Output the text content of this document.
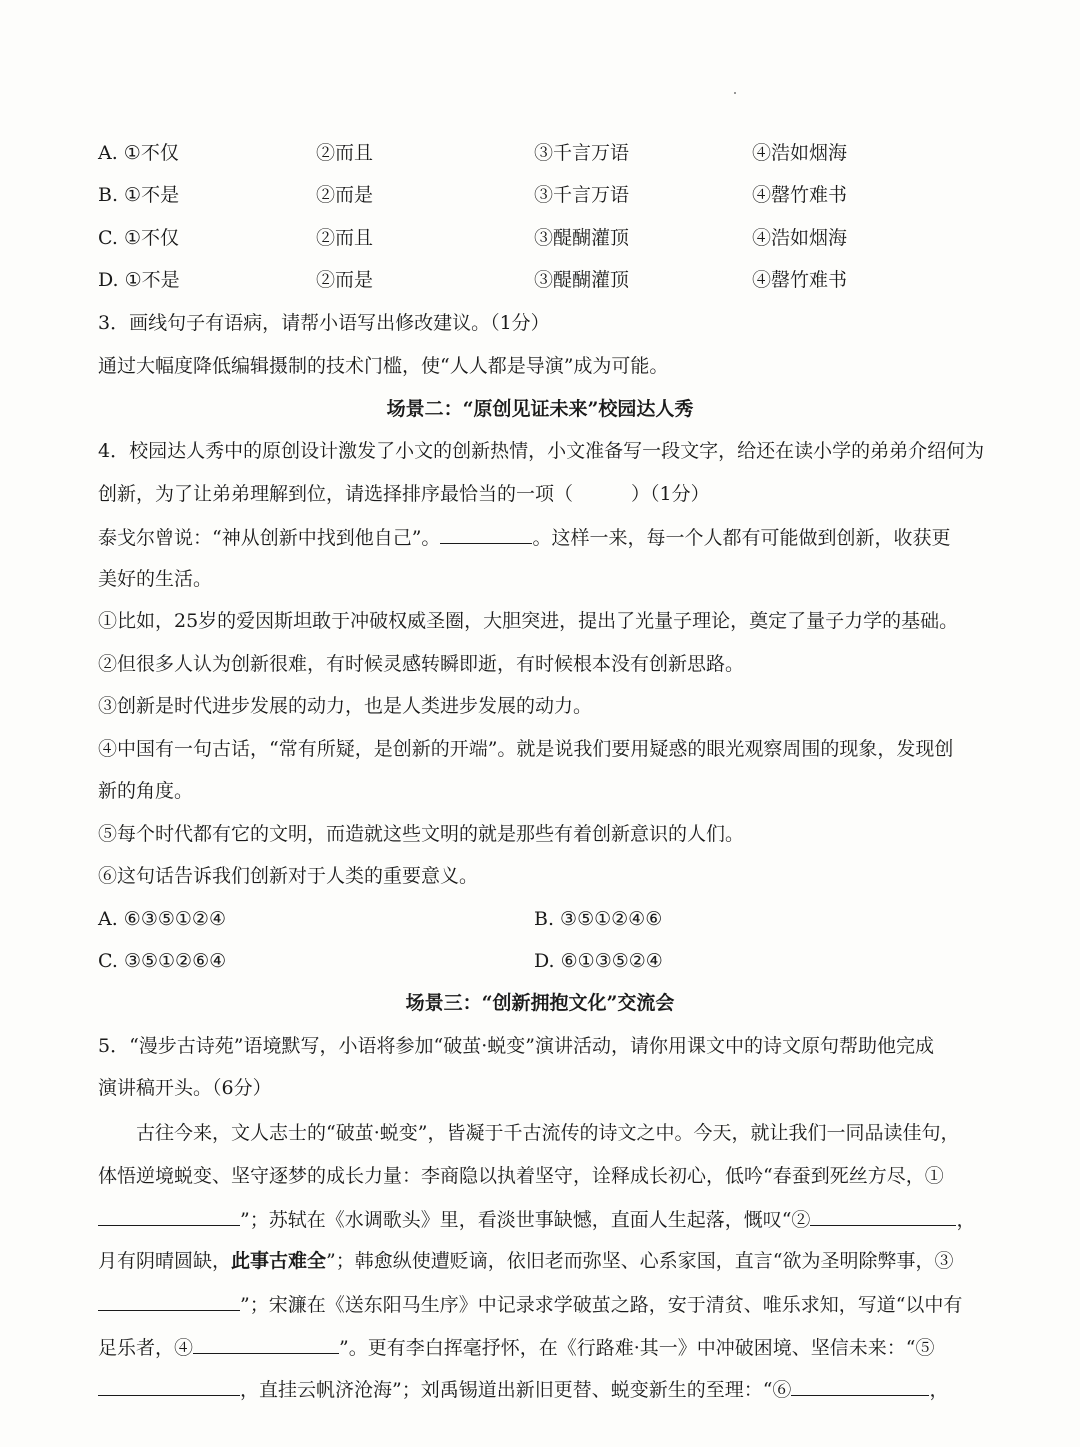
A. ①不仅	②而且	③千言万语	④浩如烟海
B. ①不是	②而是	③千言万语	④罄竹难书
C. ①不仅	②而且	③醍醐灌顶	④浩如烟海
D. ①不是	②而是	③醍醐灌顶	④罄竹难书
3．画线句子有语病，请帮小语写出修改建议。（1分）
通过大幅度降低编辑摄制的技术门槛，使“人人都是导演”成为可能。
场景二：“原创见证未来”校园达人秀
4．校园达人秀中的原创设计激发了小文的创新热情，小文准备写一段文字，给还在读小学的弟弟介绍何为
创新，为了让弟弟理解到位，请选择排序最恰当的一项（	）（1分）
泰戈尔曾说：“神从创新中找到他自己”。	。这样一来，每一个人都有可能做到创新，收获更
美好的生活。
①比如，25岁的爱因斯坦敢于冲破权威圣圈，大胆突进，提出了光量子理论，奠定了量子力学的基础。
②但很多人认为创新很难，有时候灵感转瞬即逝，有时候根本没有创新思路。
③创新是时代进步发展的动力，也是人类进步发展的动力。
④中国有一句古话，“常有所疑，是创新的开端”。就是说我们要用疑惑的眼光观察周围的现象，发现创
新的角度。
⑤每个时代都有它的文明，而造就这些文明的就是那些有着创新意识的人们。
⑥这句话告诉我们创新对于人类的重要意义。
A. ⑥③⑤①②④	B. ③⑤①②④⑥
C. ③⑤①②⑥④	D. ⑥①③⑤②④
场景三：“创新拥抱文化”交流会
5．“漫步古诗苑”语境默写，小语将参加“破茧·蜕变”演讲活动，请你用课文中的诗文原句帮助他完成
演讲稿开头。（6分）
古往今来，文人志士的“破茧·蜕变”，皆凝于千古流传的诗文之中。今天，就让我们一同品读佳句，
体悟逆境蜕变、坚守逐梦的成长力量：李商隐以执着坚守，诠释成长初心，低吟“春蚕到死丝方尽，①
”；苏轼在《水调歌头》里，看淡世事缺憾，直面人生起落，慨叹“②	，
月有阴晴圆缺，此事古难全”；韩愈纵使遭贬谪，依旧老而弥坚、心系家国，直言“欲为圣明除弊事，③
”；宋濂在《送东阳马生序》中记录求学破茧之路，安于清贫、唯乐求知，写道“以中有
足乐者，④	”。更有李白挥毫抒怀，在《行路难·其一》中冲破困境、坚信未来：“⑤
，直挂云帆济沧海”；刘禹锡道出新旧更替、蜕变新生的至理：“⑥	，
